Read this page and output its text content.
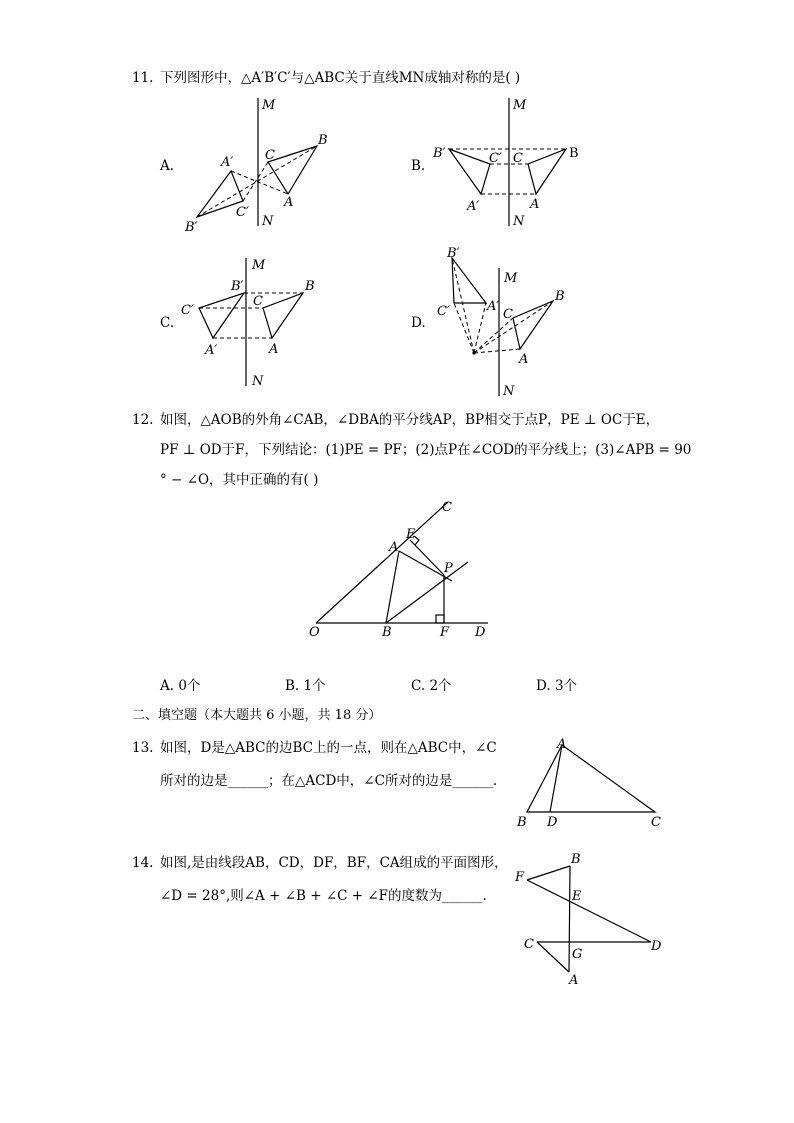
11. 下列图形中，△A′B′C′与△ABC关于直线MN成轴对称的是( )
A.	B.
C.	D.
M
N
A′
B′
C′
C
B
A
M
N
B′	C′ C	B
A′	A
M
N
C′
B′
A′
C
B
A
M
N
B′
C′	A′
C
B
A
C
E
A
P
O	B	F D
A
B D	C
B
F
E
C
G
D
A
12. 如图，△AOB的外角∠CAB，∠DBA的平分线AP，BP相交于点P，PE ⊥ OC于E，
PF ⊥ OD于F，下列结论：(1)PE = PF；(2)点P在∠COD的平分线上；(3)∠APB = 90
° − ∠O，其中正确的有( )
A. 0个	B. 1个	C. 2个	D. 3个
二、填空题（本大题共 6 小题，共 18 分）
13. 如图，D是△ABC的边BC上的一点，则在△ABC中，∠C
所对的边是______；在△ACD中，∠C所对的边是______.
14. 如图,是由线段AB，CD，DF，BF，CA组成的平面图形，
∠D = 28°,则∠A + ∠B + ∠C + ∠F的度数为______.
